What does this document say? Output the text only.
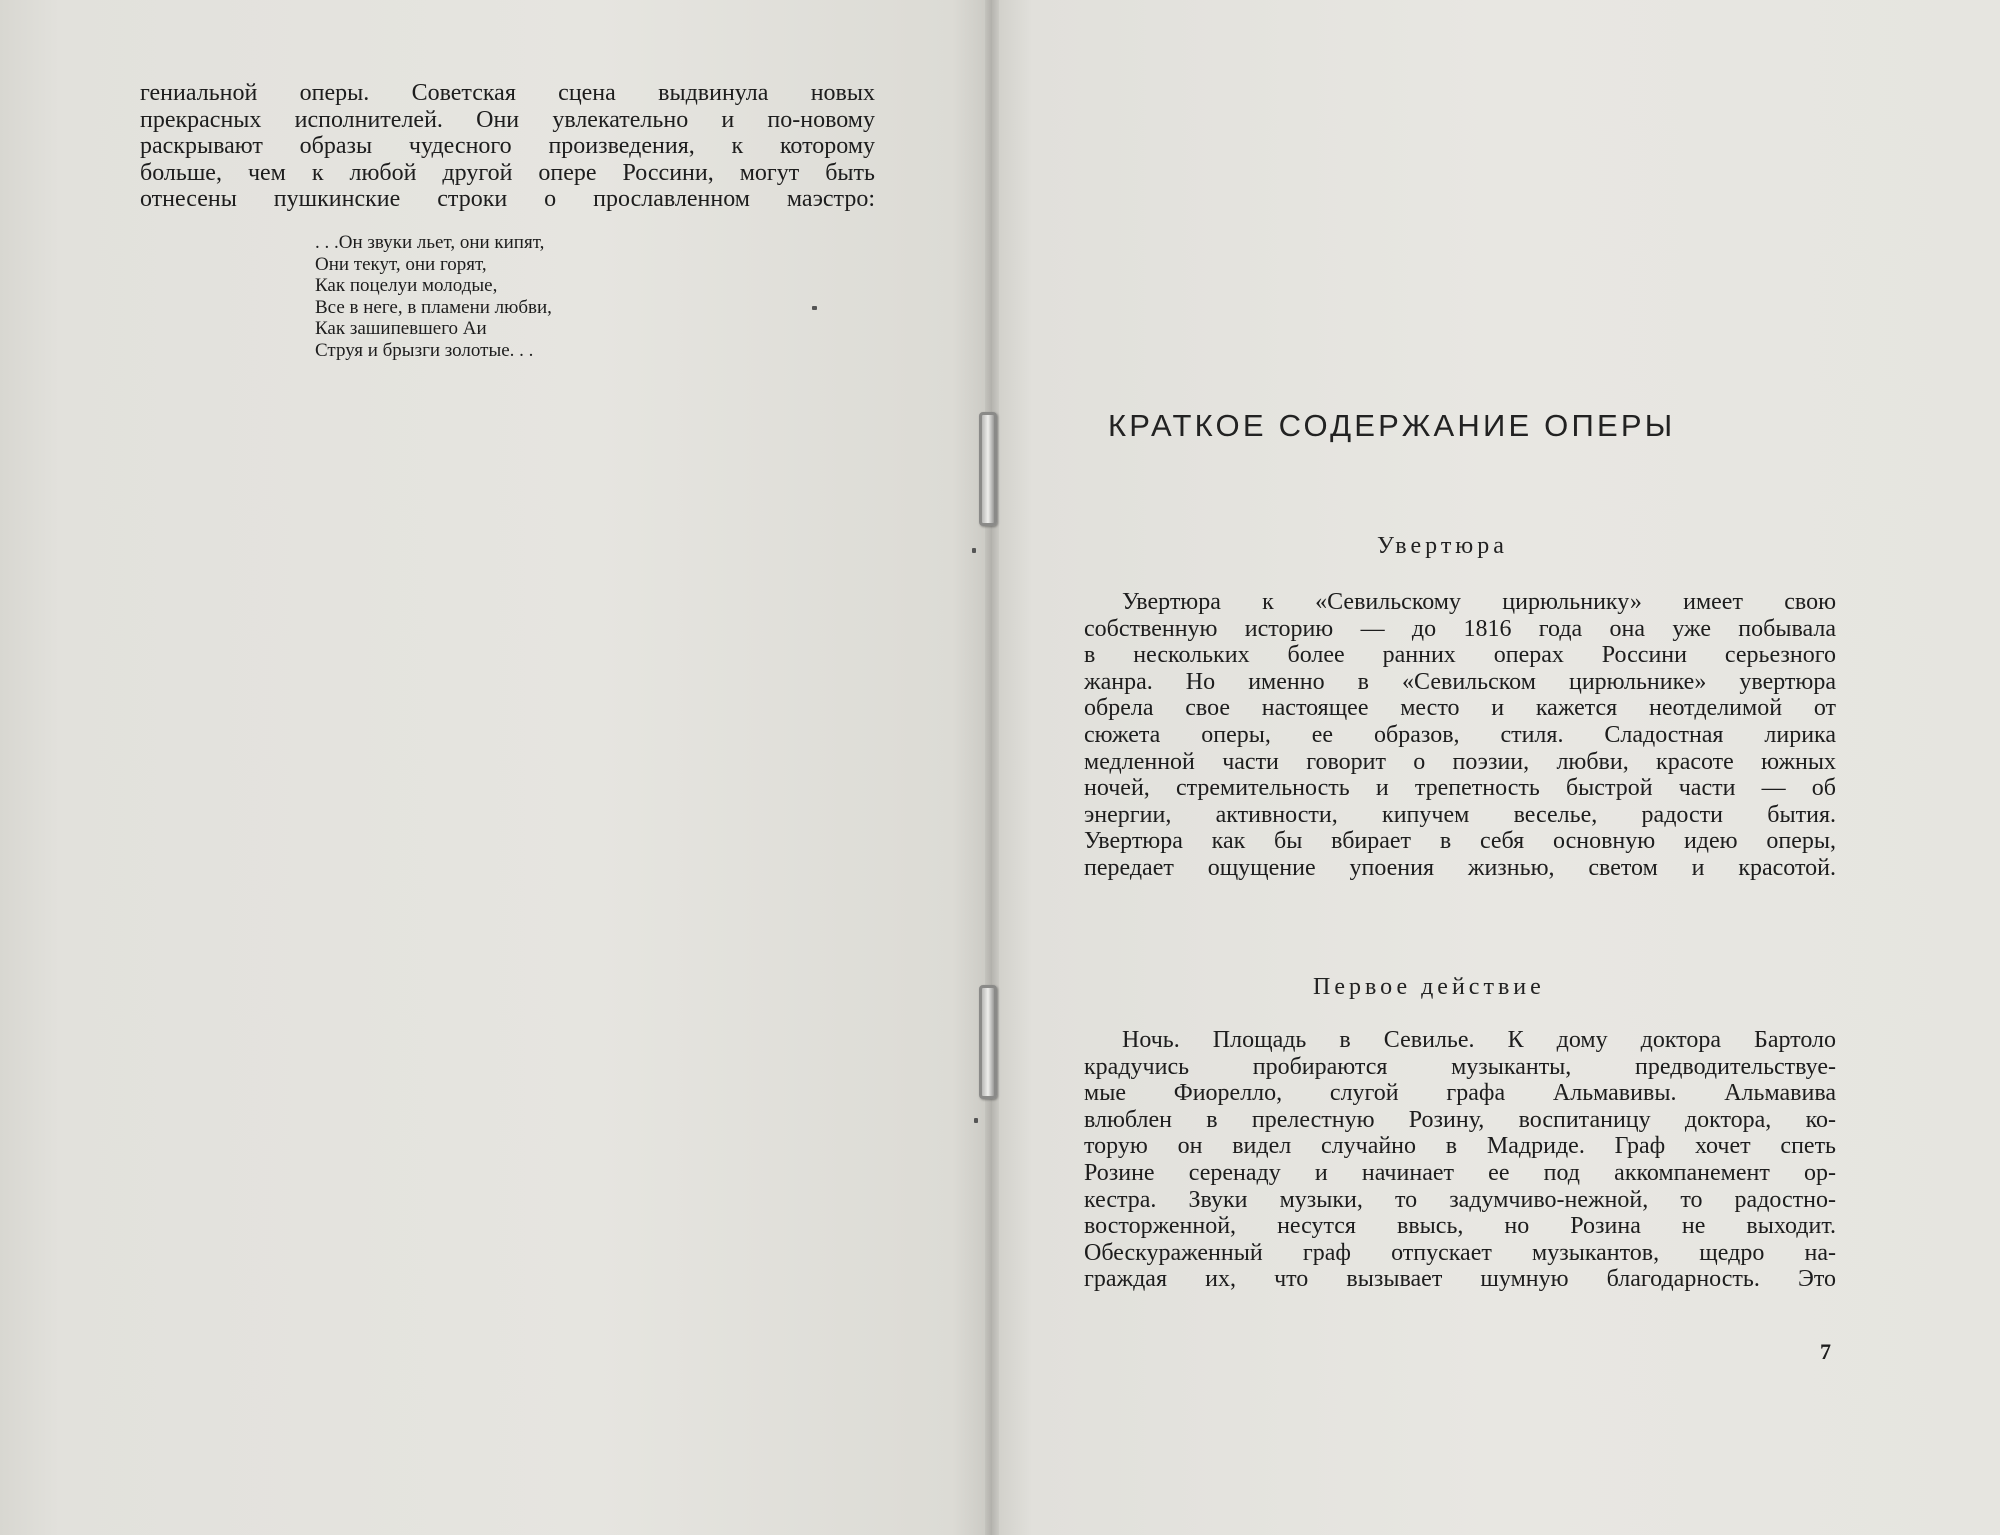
гениальной оперы. Советская сцена выдвинула новых
прекрасных исполнителей. Они увлекательно и по-новому
раскрывают образы чудесного произведения, к которому
больше, чем к любой другой опере Россини, могут быть
отнесены пушкинские строки о прославленном маэстро:
. . .Он звуки льет, они кипят,
Они текут, они горят,
Как поцелуи молодые,
Все в неге, в пламени любви,
Как зашипевшего Аи
Струя и брызги золотые. . .
КРАТКОЕ СОДЕРЖАНИЕ ОПЕРЫ
Увертюра
Увертюра к «Севильскому цирюльнику» имеет свою
собственную историю — до 1816 года она уже побывала
в нескольких более ранних операх Россини серьезного
жанра. Но именно в «Севильском цирюльнике» увертюра
обрела свое настоящее место и кажется неотделимой от
сюжета оперы, ее образов, стиля. Сладостная лирика
медленной части говорит о поэзии, любви, красоте южных
ночей, стремительность и трепетность быстрой части — об
энергии, активности, кипучем веселье, радости бытия.
Увертюра как бы вбирает в себя основную идею оперы,
передает ощущение упоения жизнью, светом и красотой.
Первое действие
Ночь. Площадь в Севилье. К дому доктора Бартоло
крадучись пробираются музыканты, предводительствуе-
мые Фиорелло, слугой графа Альмавивы. Альмавива
влюблен в прелестную Розину, воспитаницу доктора, ко-
торую он видел случайно в Мадриде. Граф хочет спеть
Розине серенаду и начинает ее под аккомпанемент ор-
кестра. Звуки музыки, то задумчиво-нежной, то радостно-
восторженной, несутся ввысь, но Розина не выходит.
Обескураженный граф отпускает музыкантов, щедро на-
граждая их, что вызывает шумную благодарность. Это
7
